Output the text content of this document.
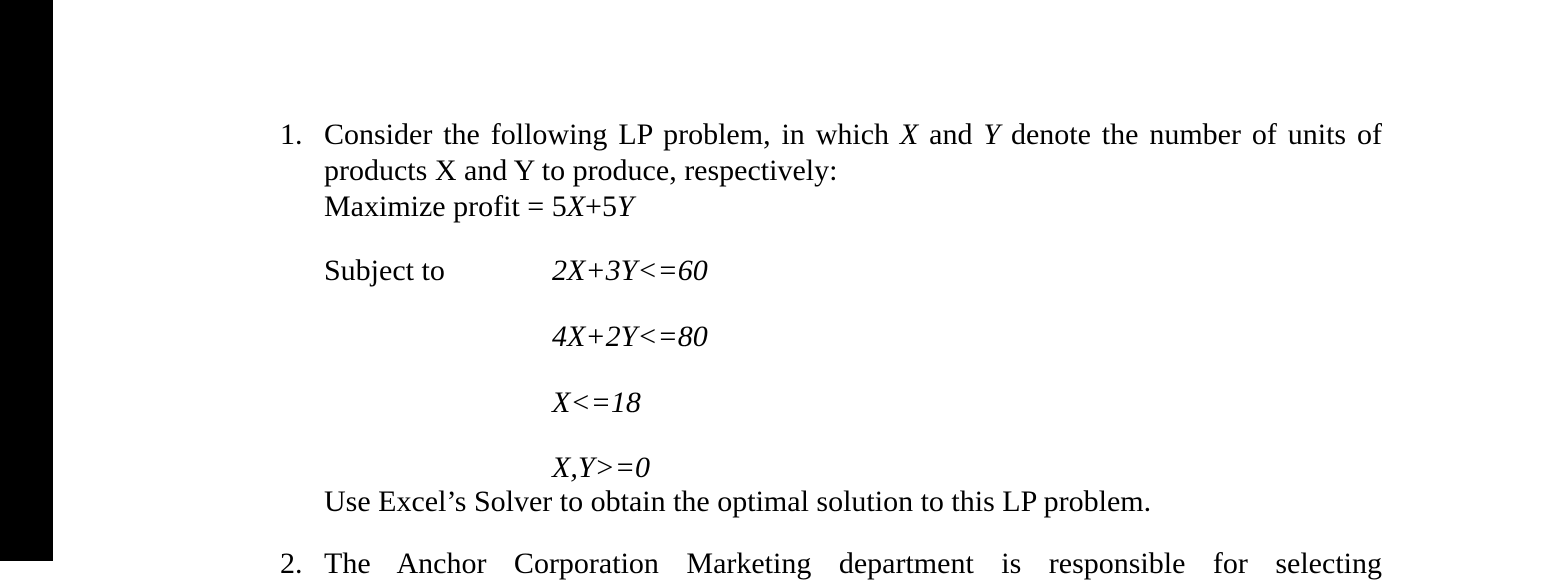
1. Consider the following LP problem, in which X and Y denote the number of units of
products X and Y to produce, respectively:
Maximize profit = 5X+5Y
Subject to	2X+3Y<=60
4X+2Y<=80
X<=18
X,Y>=0
Use Excel’s Solver to obtain the optimal solution to this LP problem.
2. The Anchor Corporation Marketing department is responsible for selecting
